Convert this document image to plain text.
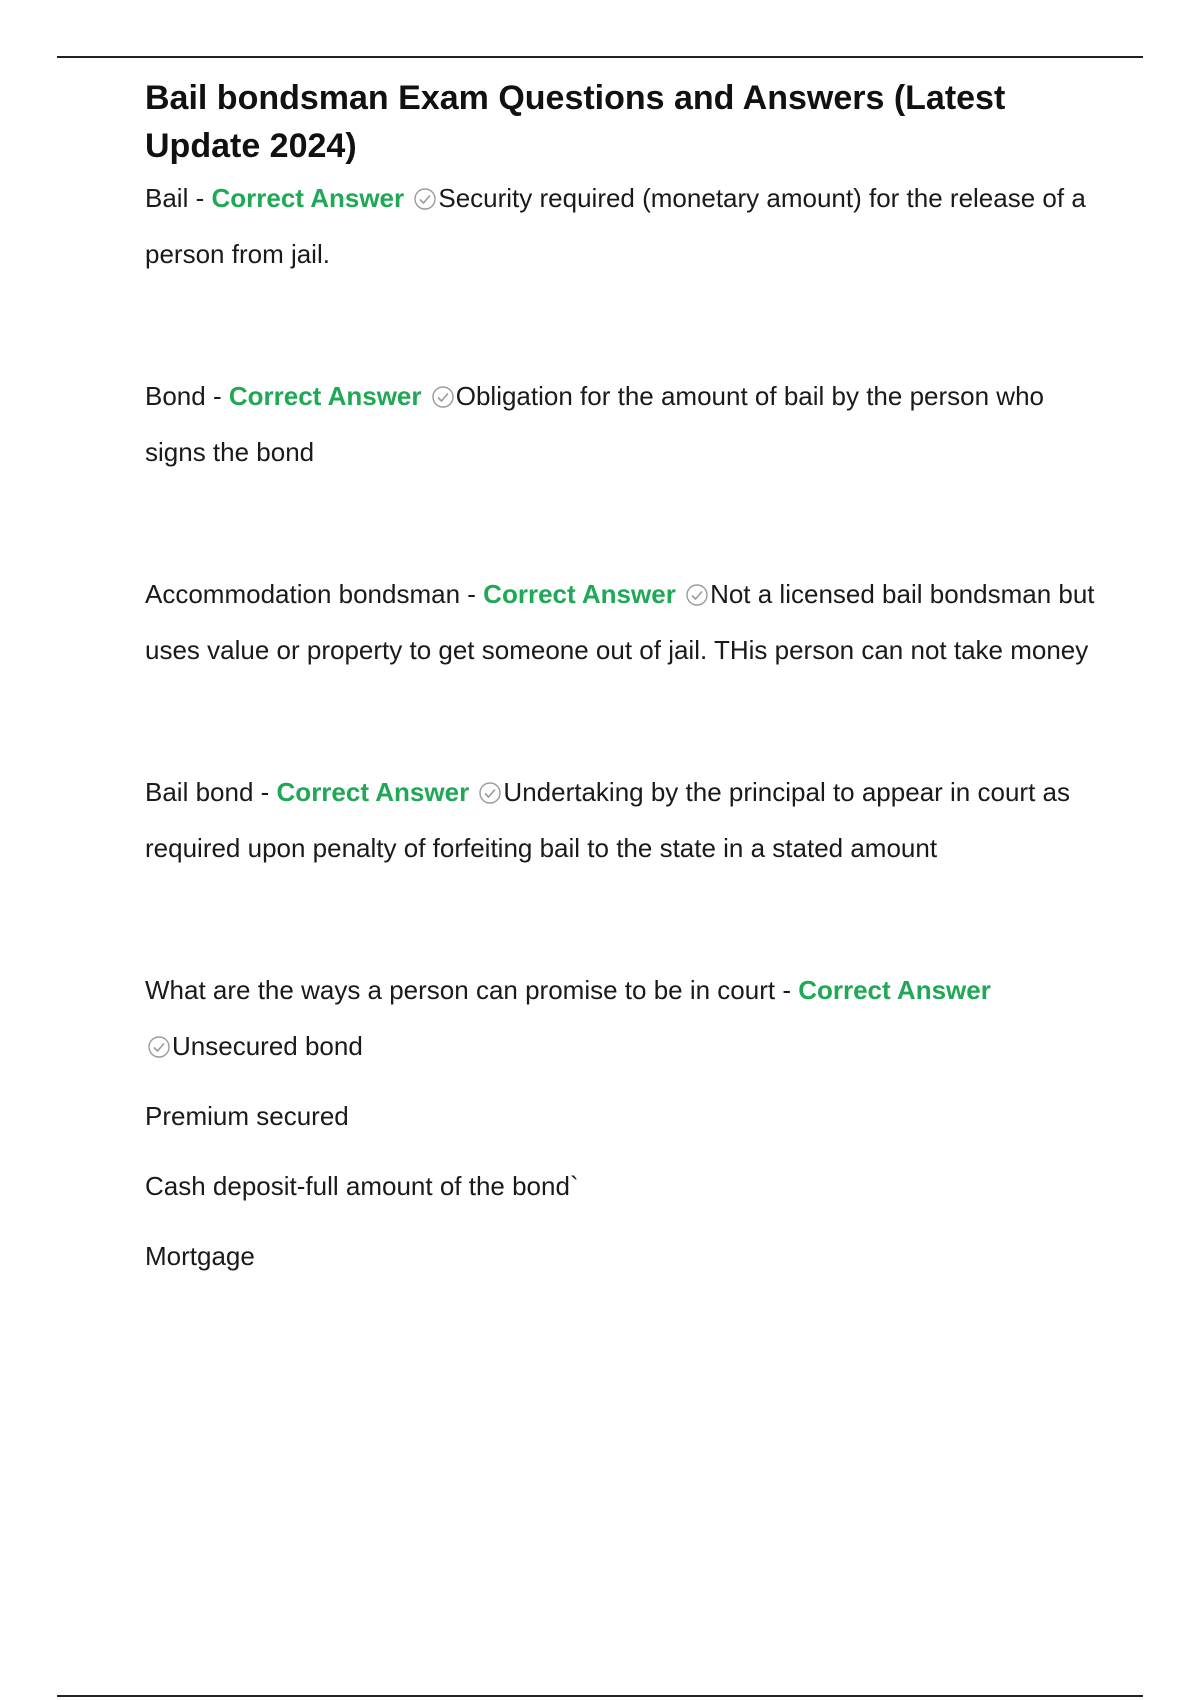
Bail bondsman Exam Questions and Answers (Latest Update 2024)

Bail - Correct Answer Security required (monetary amount) for the release of a person from jail.

Bond - Correct Answer Obligation for the amount of bail by the person who signs the bond

Accommodation bondsman - Correct Answer Not a licensed bail bondsman but uses value or property to get someone out of jail. THis person can not take money

Bail bond - Correct Answer Undertaking by the principal to appear in court as required upon penalty of forfeiting bail to the state in a stated amount

What are the ways a person can promise to be in court - Correct Answer

Unsecured bond

Premium secured

Cash deposit-full amount of the bond`

Mortgage
